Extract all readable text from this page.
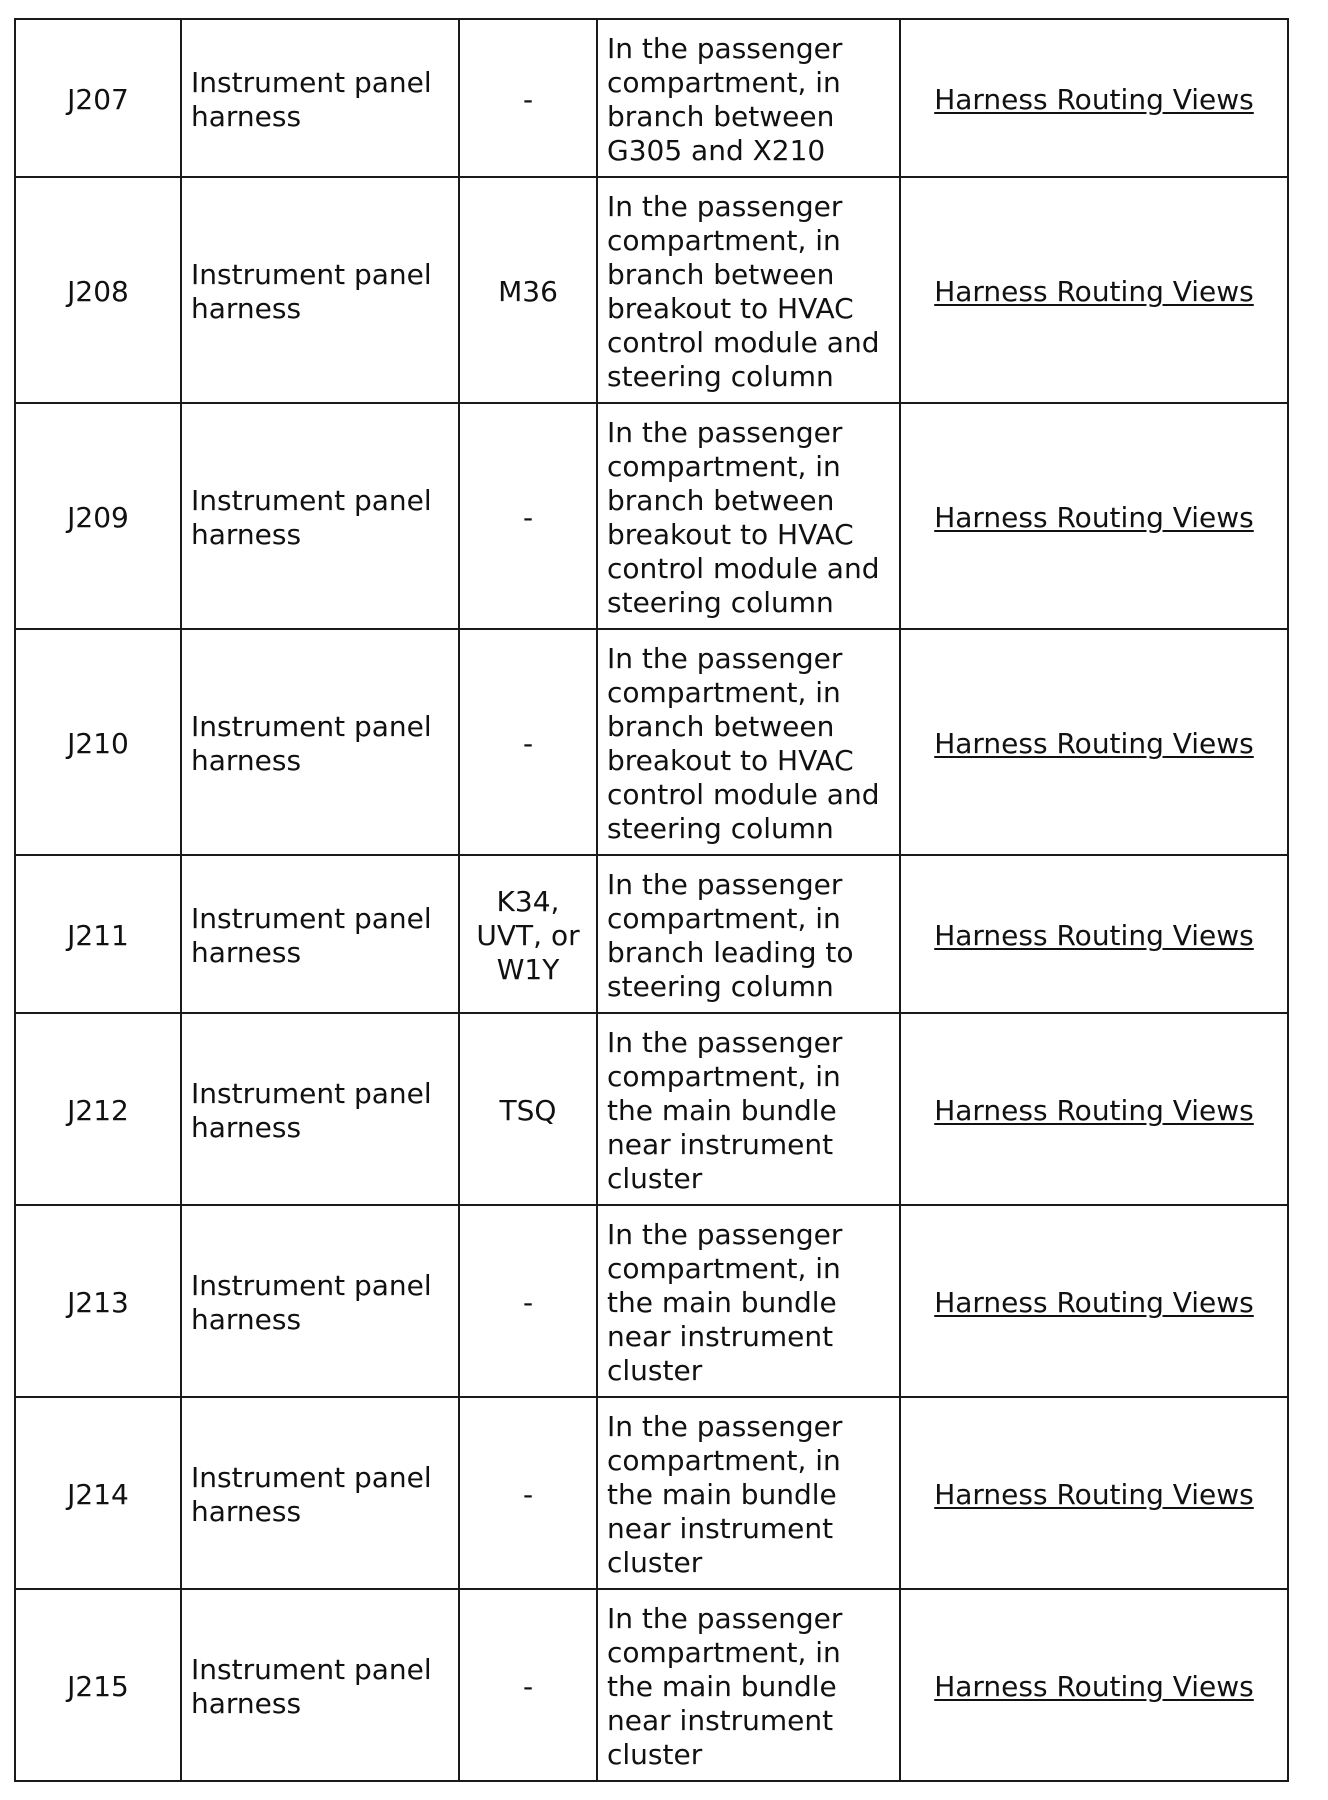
J207	Instrument panel harness	-	In the passenger compartment, in branch between G305 and X210	Harness Routing Views
J208	Instrument panel harness	M36	In the passenger compartment, in branch between breakout to HVAC control module and steering column	Harness Routing Views
J209	Instrument panel harness	-	In the passenger compartment, in branch between breakout to HVAC control module and steering column	Harness Routing Views
J210	Instrument panel harness	-	In the passenger compartment, in branch between breakout to HVAC control module and steering column	Harness Routing Views
J211	Instrument panel harness	K34, UVT, or W1Y	In the passenger compartment, in branch leading to steering column	Harness Routing Views
J212	Instrument panel harness	TSQ	In the passenger compartment, in the main bundle near instrument cluster	Harness Routing Views
J213	Instrument panel harness	-	In the passenger compartment, in the main bundle near instrument cluster	Harness Routing Views
J214	Instrument panel harness	-	In the passenger compartment, in the main bundle near instrument cluster	Harness Routing Views
J215	Instrument panel harness	-	In the passenger compartment, in the main bundle near instrument cluster	Harness Routing Views
